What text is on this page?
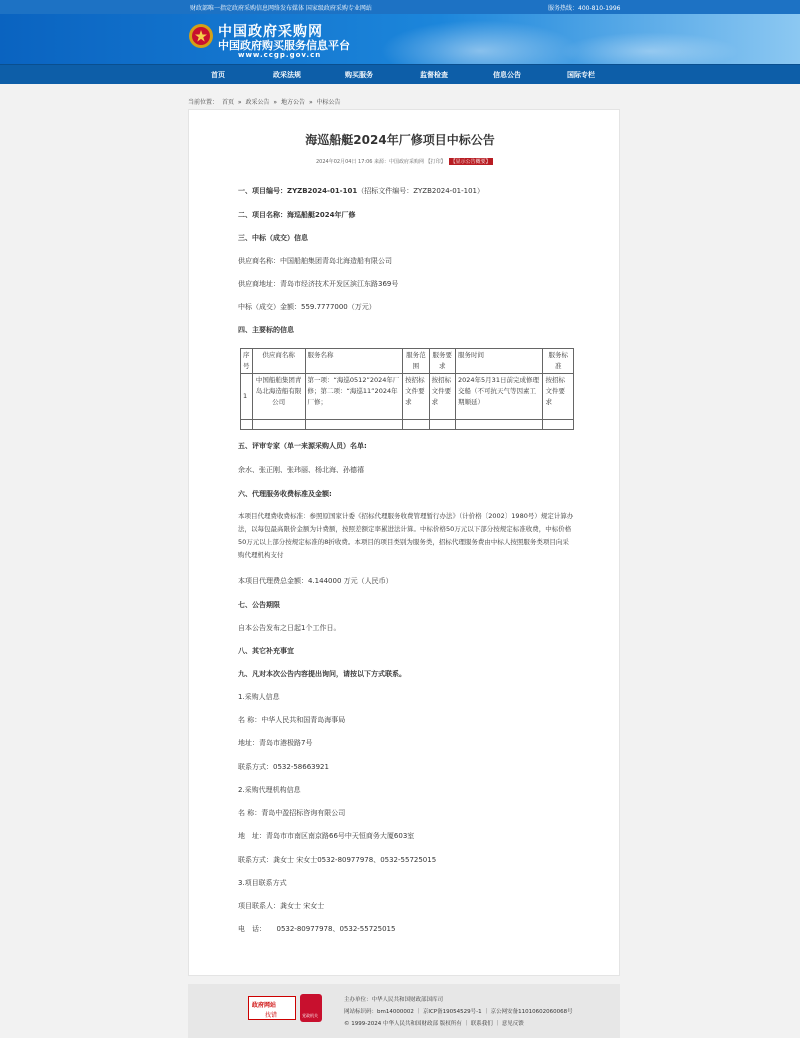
财政部唯一指定政府采购信息网络发布媒体 国家级政府采购专业网站	服务热线：400-810-1996
中国政府采购网
中国政府购买服务信息平台
www.ccgp.gov.cn
首页	政采法规	购买服务	监督检查	信息公告	国际专栏
当前位置： 首页 » 政采公告 » 地方公告 » 中标公告
海巡船艇2024年厂修项目中标公告
2024年02月04日 17:06 来源：中国政府采购网 【打印】 【显示公告概要】
一、项目编号：ZYZB2024-01-101（招标文件编号：ZYZB2024-01-101）
二、项目名称：海巡船艇2024年厂修
三、中标（成交）信息
供应商名称：中国船舶集团青岛北海造船有限公司
供应商地址：青岛市经济技术开发区滨江东路369号
中标（成交）金额：559.7777000（万元）
四、主要标的信息
序号	供应商名称	服务名称	服务范围	服务要求	服务时间	服务标准
1	中国船舶集团青岛北海造船有限公司	第一项：“海巡0512”2024年厂修；第二项：“海巡11”2024年厂修；	按招标文件要求	按招标文件要求	2024年5月31日前完成修理交船（不可抗天气等因素工期顺延）	按招标文件要求

五、评审专家（单一来源采购人员）名单:
余水、张正刚、张玮丽、杨北海、孙德禧
六、代理服务收费标准及金额:
本项目代理费收费标准：参照原国家计委《招标代理服务收费管理暂行办法》（计价格〔2002〕1980号）规定计算办法，以每包最高限价金额为计费额，按照差额定率累进法计算。中标价格50万元以下部分按规定标准收费，中标价格50万元以上部分按规定标准的8折收费。本项目的项目类别为服务类，招标代理服务费由中标人按照服务类项目向采购代理机构支付
本项目代理费总金额：4.144000 万元（人民币）
七、公告期限
自本公告发布之日起1个工作日。
八、其它补充事宜
九、凡对本次公告内容提出询问，请按以下方式联系。
1.采购人信息
名 称：中华人民共和国青岛海事局
地址：青岛市港极路7号
联系方式：0532-58663921
2.采购代理机构信息
名 称：青岛中盈招标咨询有限公司
地　址：青岛市市南区南京路66号中天恒商务大厦603室
联系方式：龚女士 宋女士0532-80977978、0532-55725015
3.项目联系方式
项目联系人：龚女士 宋女士
电　话：　　0532-80977978、0532-55725015
政府网站
找错	党政机关
主办单位：中华人民共和国财政部国库司
网站标识码：bm14000002 ｜ 京ICP备19054529号-1 ｜ 京公网安备11010602060068号
© 1999-2024 中华人民共和国财政部 版权所有 ｜ 联系我们 ｜ 意见反馈
